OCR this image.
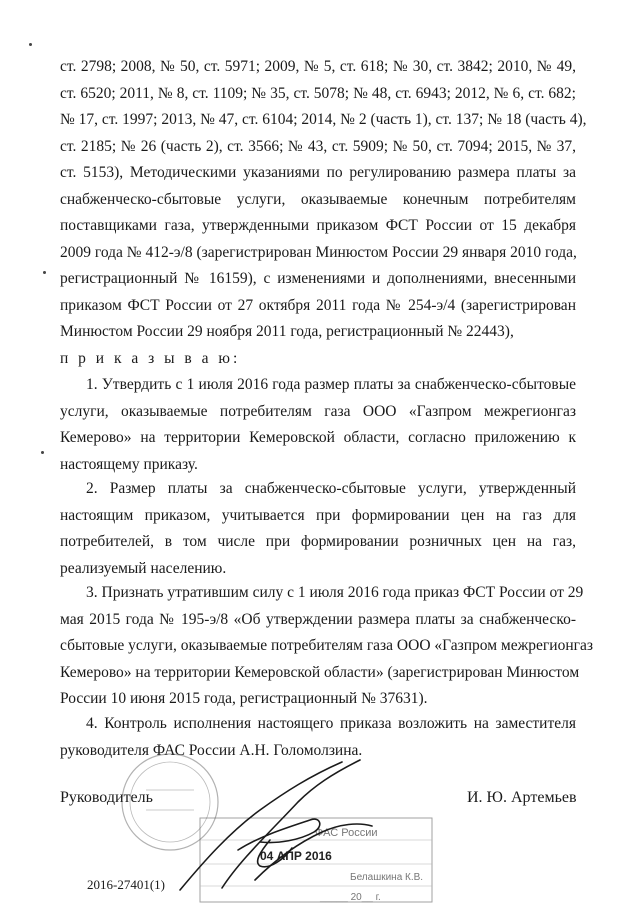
ст. 2798; 2008, № 50, ст. 5971; 2009, № 5, ст. 618; № 30, ст. 3842; 2010, № 49,
ст. 6520; 2011, № 8, ст. 1109; № 35, ст. 5078; № 48, ст. 6943; 2012, № 6, ст. 682;
№ 17, ст. 1997; 2013, № 47, ст. 6104; 2014, № 2 (часть 1), ст. 137; № 18 (часть 4),
ст. 2185; № 26 (часть 2), ст. 3566; № 43, ст. 5909; № 50, ст. 7094; 2015, № 37,
ст. 5153), Методическими указаниями по регулированию размера платы за
снабженческо-сбытовые услуги, оказываемые конечным потребителям
поставщиками газа, утвержденными приказом ФСТ России от 15 декабря
2009 года № 412-э/8 (зарегистрирован Минюстом России 29 января 2010 года,
регистрационный № 16159), с изменениями и дополнениями, внесенными
приказом ФСТ России от 27 октября 2011 года № 254-э/4 (зарегистрирован
Минюстом России 29 ноября 2011 года, регистрационный № 22443),
п р и к а з ы в а ю:
1. Утвердить с 1 июля 2016 года размер платы за снабженческо-сбытовые
услуги, оказываемые потребителям газа ООО «Газпром межрегионгаз
Кемерово» на территории Кемеровской области, согласно приложению к
настоящему приказу.
2. Размер платы за снабженческо-сбытовые услуги, утвержденный
настоящим приказом, учитывается при формировании цен на газ для
потребителей, в том числе при формировании розничных цен на газ,
реализуемый населению.
3. Признать утратившим силу с 1 июля 2016 года приказ ФСТ России от 29
мая 2015 года № 195-э/8 «Об утверждении размера платы за снабженческо-
сбытовые услуги, оказываемые потребителям газа ООО «Газпром межрегионгаз
Кемерово» на территории Кемеровской области» (зарегистрирован Минюстом
России 10 июня 2015 года, регистрационный № 37631).
4. Контроль исполнения настоящего приказа возложить на заместителя
руководителя ФАС России А.Н. Голомолзина.
Руководитель	И. Ю. Артемьев
ФАС России
04 АПР 2016
Белашкина К.В.
_____ 20__ г.
2016-27401(1)
